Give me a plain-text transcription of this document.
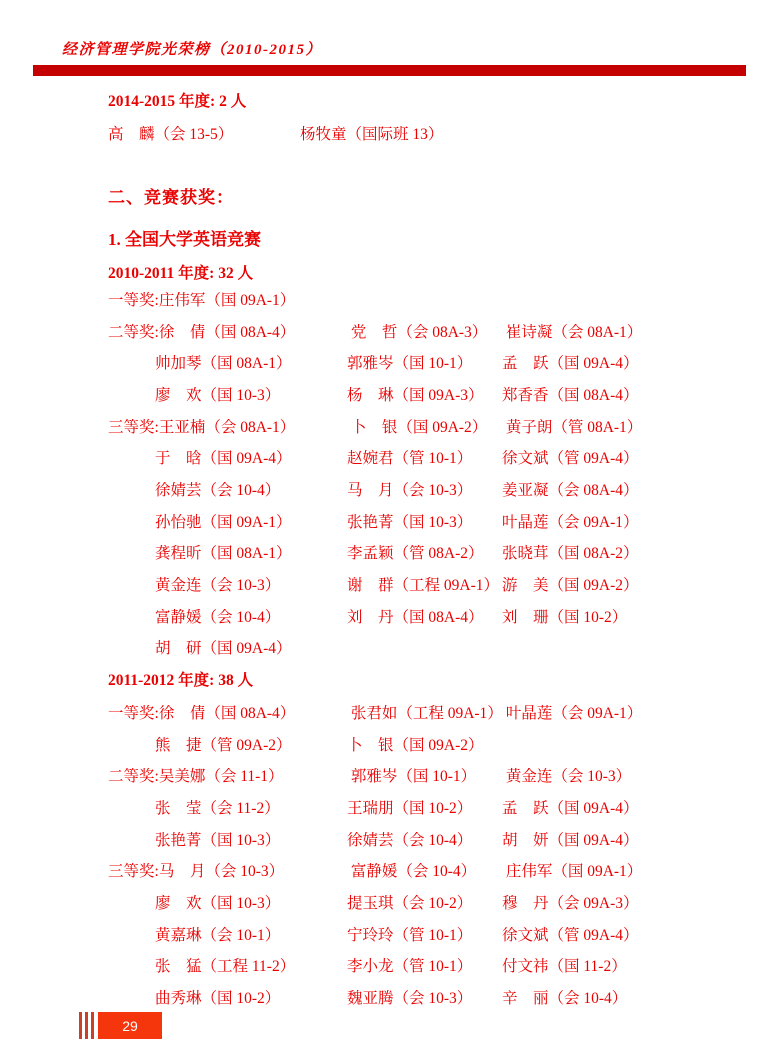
经济管理学院光荣榜（2010-2015）
2014-2015 年度: 2 人
高　麟（会 13-5）	杨牧童（国际班 13）
二、竞赛获奖：
1. 全国大学英语竞赛
2010-2011 年度: 32 人
一等奖: 庄伟军（国 09A-1）
二等奖: 徐　倩（国 08A-4）	党　哲（会 08A-3）	崔诗凝（会 08A-1）
帅加琴（国 08A-1）	郭雅岑（国 10-1）	孟　跃（国 09A-4）
廖　欢（国 10-3）	杨　琳（国 09A-3）	郑香香（国 08A-4）
三等奖: 王亚楠（会 08A-1）	卜　银（国 09A-2）	黄子朗（管 08A-1）
于　晗（国 09A-4）	赵婉君（管 10-1）	徐文斌（管 09A-4）
徐婧芸（会 10-4）	马　月（会 10-3）	姜亚凝（会 08A-4）
孙怡驰（国 09A-1）	张艳菁（国 10-3）	叶晶莲（会 09A-1）
龚程昕（国 08A-1）	李孟颖（管 08A-2）	张晓茸（国 08A-2）
黄金连（会 10-3）	谢　群（工程 09A-1） 游　美（国 09A-2）
富静媛（会 10-4）	刘　丹（国 08A-4）	刘　珊（国 10-2）
胡　研（国 09A-4）
2011-2012 年度: 38 人
一等奖: 徐　倩（国 08A-4）	张君如（工程 09A-1） 叶晶莲（会 09A-1）
熊　捷（管 09A-2）	卜　银（国 09A-2）
二等奖: 吴美娜（会 11-1）	郭雅岑（国 10-1）	黄金连（会 10-3）
张　莹（会 11-2）	王瑞朋（国 10-2）	孟　跃（国 09A-4）
张艳菁（国 10-3）	徐婧芸（会 10-4）	胡　妍（国 09A-4）
三等奖: 马　月（会 10-3）	富静媛（会 10-4）	庄伟军（国 09A-1）
廖　欢（国 10-3）	提玉琪（会 10-2）	穆　丹（会 09A-3）
黄嘉琳（会 10-1）	宁玲玲（管 10-1）	徐文斌（管 09A-4）
张　猛（工程 11-2）	李小龙（管 10-1）	付文祎（国 11-2）
曲秀琳（国 10-2）	魏亚腾（会 10-3）	辛　丽（会 10-4）
29
